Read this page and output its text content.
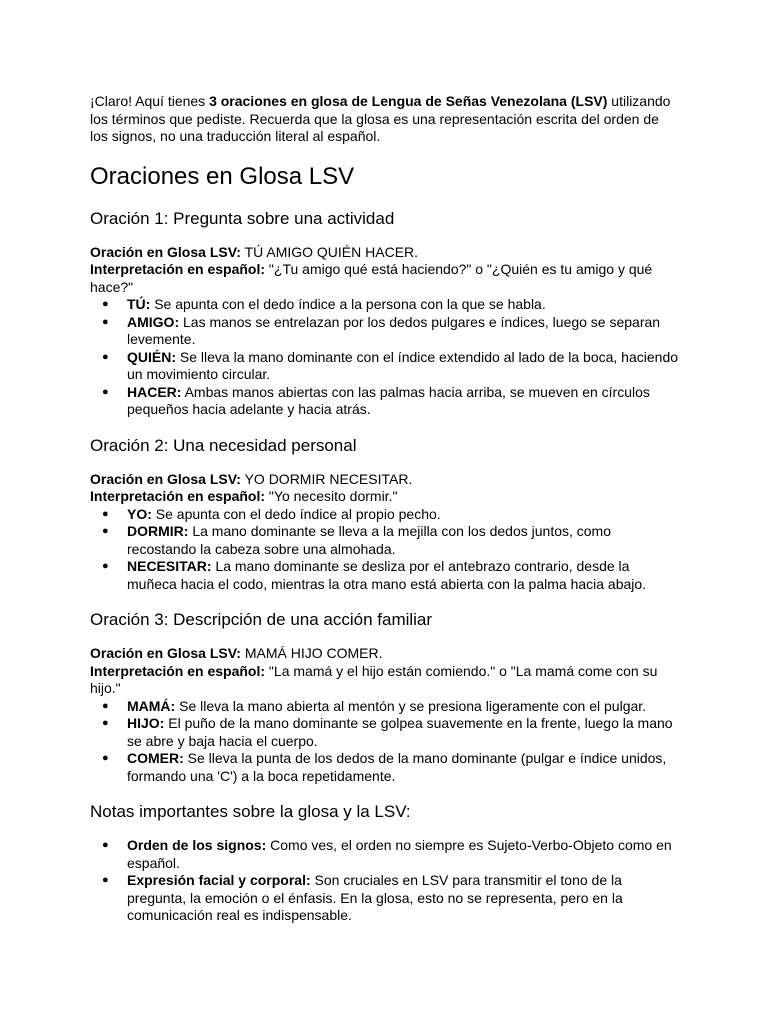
¡Claro! Aquí tienes 3 oraciones en glosa de Lengua de Señas Venezolana (LSV) utilizando los términos que pediste. Recuerda que la glosa es una representación escrita del orden de los signos, no una traducción literal al español.

Oraciones en Glosa LSV
Oración 1: Pregunta sobre una actividad

Oración en Glosa LSV: TÚ AMIGO QUIÉN HACER.

Interpretación en español: "¿Tu amigo qué está haciendo?" o "¿Quién es tu amigo y qué hace?"

● TÚ: Se apunta con el dedo índice a la persona con la que se habla.
● AMIGO: Las manos se entrelazan por los dedos pulgares e índices, luego se separan levemente.
● QUIÉN: Se lleva la mano dominante con el índice extendido al lado de la boca, haciendo un movimiento circular.
● HACER: Ambas manos abiertas con las palmas hacia arriba, se mueven en círculos pequeños hacia adelante y hacia atrás.
Oración 2: Una necesidad personal

Oración en Glosa LSV: YO DORMIR NECESITAR.

Interpretación en español: "Yo necesito dormir."

● YO: Se apunta con el dedo índice al propio pecho.
● DORMIR: La mano dominante se lleva a la mejilla con los dedos juntos, como recostando la cabeza sobre una almohada.
● NECESITAR: La mano dominante se desliza por el antebrazo contrario, desde la muñeca hacia el codo, mientras la otra mano está abierta con la palma hacia abajo.
Oración 3: Descripción de una acción familiar

Oración en Glosa LSV: MAMÁ HIJO COMER.

Interpretación en español: "La mamá y el hijo están comiendo." o "La mamá come con su hijo."

● MAMÁ: Se lleva la mano abierta al mentón y se presiona ligeramente con el pulgar.
● HIJO: El puño de la mano dominante se golpea suavemente en la frente, luego la mano se abre y baja hacia el cuerpo.
● COMER: Se lleva la punta de los dedos de la mano dominante (pulgar e índice unidos, formando una 'C') a la boca repetidamente.
Notas importantes sobre la glosa y la LSV:
● Orden de los signos: Como ves, el orden no siempre es Sujeto-Verbo-Objeto como en español.
● Expresión facial y corporal: Son cruciales en LSV para transmitir el tono de la pregunta, la emoción o el énfasis. En la glosa, esto no se representa, pero en la comunicación real es indispensable.
